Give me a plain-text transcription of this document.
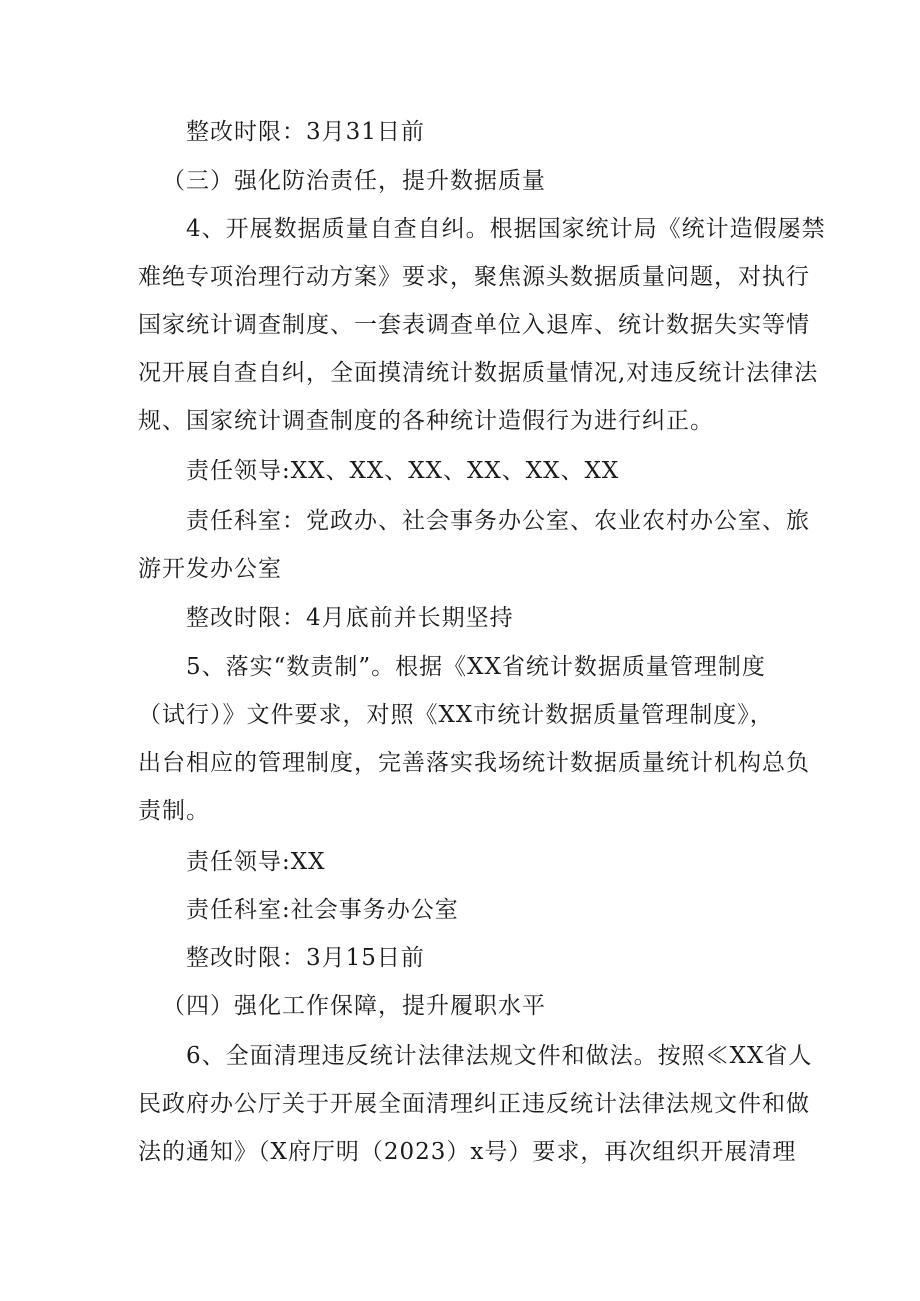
整改时限：3月31日前
（三）强化防治责任，提升数据质量
4、开展数据质量自查自纠。根据国家统计局《统计造假屡禁
难绝专项治理行动方案》要求，聚焦源头数据质量问题，对执行
国家统计调查制度、一套表调查单位入退库、统计数据失实等情
况开展自查自纠，全面摸清统计数据质量情况,对违反统计法律法
规、国家统计调查制度的各种统计造假行为进行纠正。
责任领导:XX、XX、XX、XX、XX、XX
责任科室：党政办、社会事务办公室、农业农村办公室、旅
游开发办公室
整改时限：4月底前并长期坚持
5、落实“数责制”。根据《XX省统计数据质量管理制度
（试行）》文件要求，对照《XX市统计数据质量管理制度》，
出台相应的管理制度，完善落实我场统计数据质量统计机构总负
责制。
责任领导:XX
责任科室:社会事务办公室
整改时限：3月15日前
（四）强化工作保障，提升履职水平
6、全面清理违反统计法律法规文件和做法。按照≪XX省人
民政府办公厅关于开展全面清理纠正违反统计法律法规文件和做
法的通知》（X府厅明（2023）x号）要求，再次组织开展清理
